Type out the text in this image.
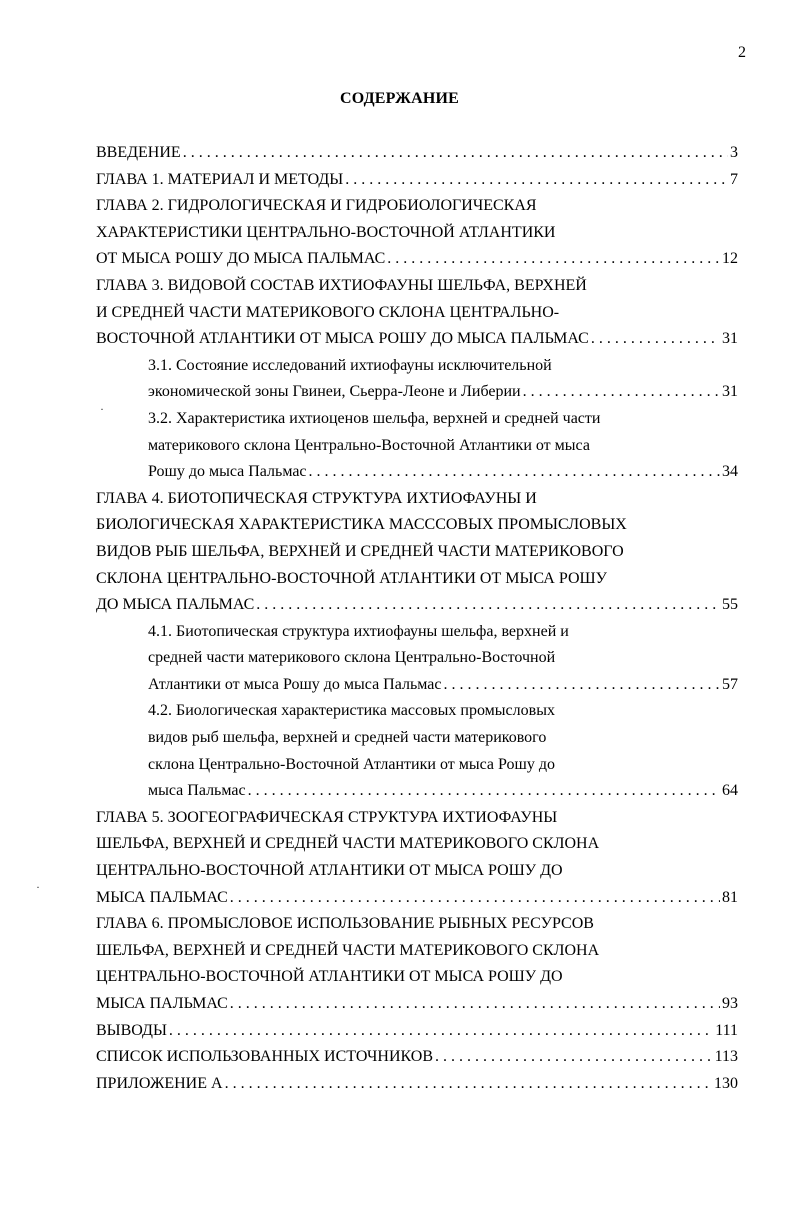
2
СОДЕРЖАНИЕ
ВВЕДЕНИЕ . . .	3
ГЛАВА 1. МАТЕРИАЛ И МЕТОДЫ . . .	7
ГЛАВА 2. ГИДРОЛОГИЧЕСКАЯ И ГИДРОБИОЛОГИЧЕСКАЯ
ХАРАКТЕРИСТИКИ ЦЕНТРАЛЬНО-ВОСТОЧНОЙ АТЛАНТИКИ
ОТ МЫСА РОШУ ДО МЫСА ПАЛЬМАС . . .	12
ГЛАВА 3. ВИДОВОЙ СОСТАВ ИХТИОФАУНЫ ШЕЛЬФА, ВЕРХНЕЙ
И СРЕДНЕЙ ЧАСТИ МАТЕРИКОВОГО СКЛОНА ЦЕНТРАЛЬНО-
ВОСТОЧНОЙ АТЛАНТИКИ ОТ МЫСА РОШУ ДО МЫСА ПАЛЬМАС . . .	31
3.1. Состояние исследований ихтиофауны исключительной
экономической зоны Гвинеи, Сьерра-Леоне и Либерии . . .	31
3.2. Характеристика ихтиоценов шельфа, верхней и средней части
материкового склона Центрально-Восточной Атлантики от мыса
Рошу до мыса Пальмас . . .	34
ГЛАВА 4. БИОТОПИЧЕСКАЯ СТРУКТУРА ИХТИОФАУНЫ И
БИОЛОГИЧЕСКАЯ ХАРАКТЕРИСТИКА МАСССОВЫХ ПРОМЫСЛОВЫХ
ВИДОВ РЫБ ШЕЛЬФА, ВЕРХНЕЙ И СРЕДНЕЙ ЧАСТИ МАТЕРИКОВОГО
СКЛОНА ЦЕНТРАЛЬНО-ВОСТОЧНОЙ АТЛАНТИКИ ОТ МЫСА РОШУ
ДО МЫСА ПАЛЬМАС . . .	55
4.1. Биотопическая структура ихтиофауны шельфа, верхней и
средней части материкового склона Центрально-Восточной
Атлантики от мыса Рошу до мыса Пальмас . . .	57
4.2. Биологическая характеристика массовых промысловых
видов рыб шельфа, верхней и средней части материкового
склона Центрально-Восточной Атлантики от мыса Рошу до
мыса Пальмас . . .	64
ГЛАВА 5. ЗООГЕОГРАФИЧЕСКАЯ СТРУКТУРА ИХТИОФАУНЫ
ШЕЛЬФА, ВЕРХНЕЙ И СРЕДНЕЙ ЧАСТИ МАТЕРИКОВОГО СКЛОНА
ЦЕНТРАЛЬНО-ВОСТОЧНОЙ АТЛАНТИКИ ОТ МЫСА РОШУ ДО
МЫСА ПАЛЬМАС . . .	81
ГЛАВА 6. ПРОМЫСЛОВОЕ ИСПОЛЬЗОВАНИЕ РЫБНЫХ РЕСУРСОВ
ШЕЛЬФА, ВЕРХНЕЙ И СРЕДНЕЙ ЧАСТИ МАТЕРИКОВОГО СКЛОНА
ЦЕНТРАЛЬНО-ВОСТОЧНОЙ АТЛАНТИКИ ОТ МЫСА РОШУ ДО
МЫСА ПАЛЬМАС . . .	93
ВЫВОДЫ . . .	111
СПИСОК ИСПОЛЬЗОВАННЫХ ИСТОЧНИКОВ . . .	113
ПРИЛОЖЕНИЕ А . . .	130
·
·
